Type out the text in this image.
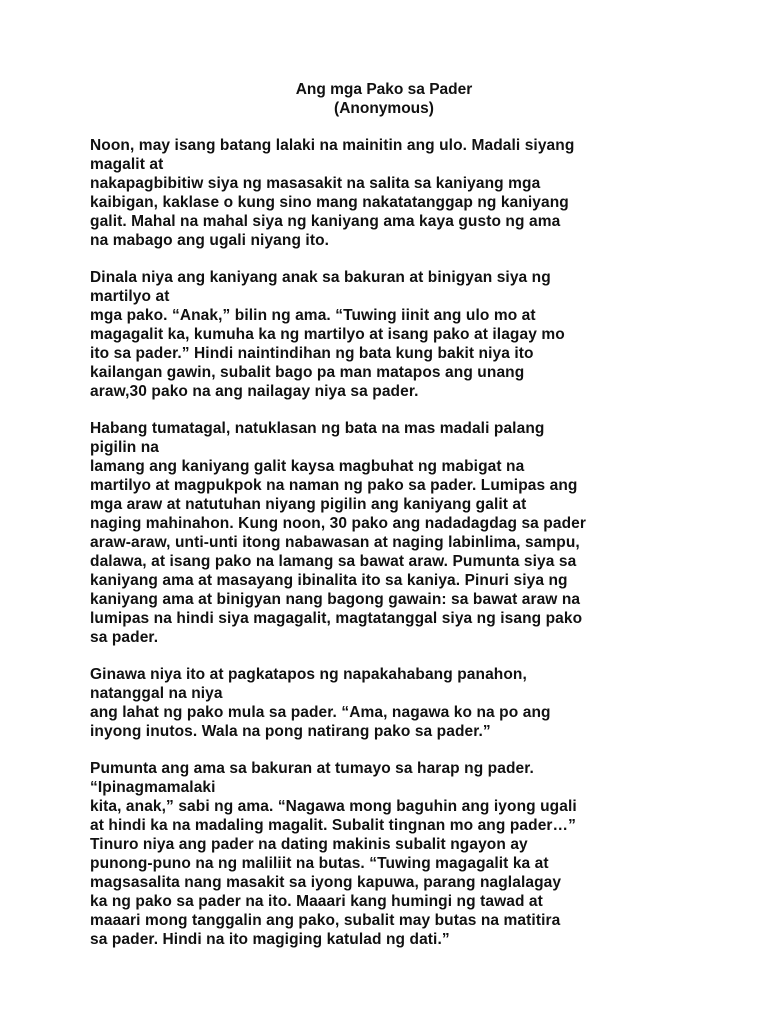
Ang mga Pako sa Pader
(Anonymous)

Noon, may isang batang lalaki na mainitin ang ulo. Madali siyang
magalit at
nakapagbibitiw siya ng masasakit na salita sa kaniyang mga
kaibigan, kaklase o kung sino mang nakatatanggap ng kaniyang
galit. Mahal na mahal siya ng kaniyang ama kaya gusto ng ama
na mabago ang ugali niyang ito.

Dinala niya ang kaniyang anak sa bakuran at binigyan siya ng
martilyo at
mga pako. “Anak,” bilin ng ama. “Tuwing iinit ang ulo mo at
magagalit ka, kumuha ka ng martilyo at isang pako at ilagay mo
ito sa pader.” Hindi naintindihan ng bata kung bakit niya ito
kailangan gawin, subalit bago pa man matapos ang unang
araw,30 pako na ang nailagay niya sa pader.

Habang tumatagal, natuklasan ng bata na mas madali palang
pigilin na
lamang ang kaniyang galit kaysa magbuhat ng mabigat na
martilyo at magpukpok na naman ng pako sa pader. Lumipas ang
mga araw at natutuhan niyang pigilin ang kaniyang galit at
naging mahinahon. Kung noon, 30 pako ang nadadagdag sa pader
araw-araw, unti-unti itong nabawasan at naging labinlima, sampu,
dalawa, at isang pako na lamang sa bawat araw. Pumunta siya sa
kaniyang ama at masayang ibinalita ito sa kaniya. Pinuri siya ng
kaniyang ama at binigyan nang bagong gawain: sa bawat araw na
lumipas na hindi siya magagalit, magtatanggal siya ng isang pako
sa pader.

Ginawa niya ito at pagkatapos ng napakahabang panahon,
natanggal na niya
ang lahat ng pako mula sa pader. “Ama, nagawa ko na po ang
inyong inutos. Wala na pong natirang pako sa pader.”

Pumunta ang ama sa bakuran at tumayo sa harap ng pader.
“Ipinagmamalaki
kita, anak,” sabi ng ama. “Nagawa mong baguhin ang iyong ugali
at hindi ka na madaling magalit. Subalit tingnan mo ang pader…”
Tinuro niya ang pader na dating makinis subalit ngayon ay
punong-puno na ng maliliit na butas. “Tuwing magagalit ka at
magsasalita nang masakit sa iyong kapuwa, parang naglalagay
ka ng pako sa pader na ito. Maaari kang humingi ng tawad at
maaari mong tanggalin ang pako, subalit may butas na matitira
sa pader. Hindi na ito magiging katulad ng dati.”
